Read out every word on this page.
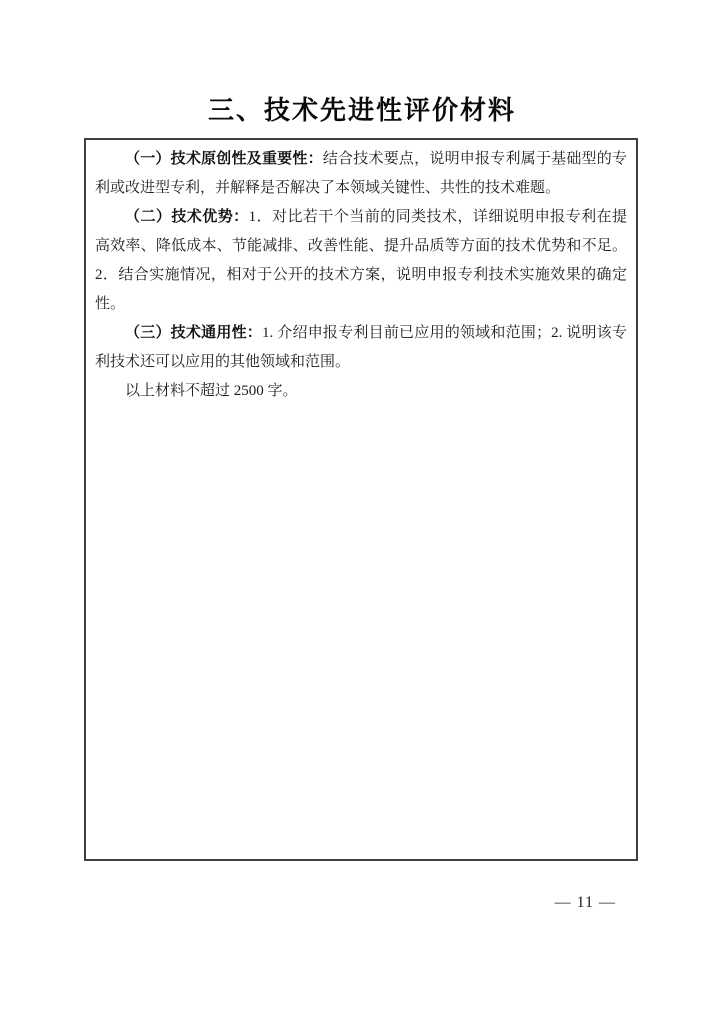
三、技术先进性评价材料

（一）技术原创性及重要性：结合技术要点，说明申报专利属于基础型的专利或改进型专利，并解释是否解决了本领域关键性、共性的技术难题。

（二）技术优势：1．对比若干个当前的同类技术，详细说明申报专利在提高效率、降低成本、节能减排、改善性能、提升品质等方面的技术优势和不足。2．结合实施情况，相对于公开的技术方案，说明申报专利技术实施效果的确定性。

（三）技术通用性：1. 介绍申报专利目前已应用的领域和范围；2. 说明该专利技术还可以应用的其他领域和范围。

以上材料不超过 2500 字。

— 11 —
